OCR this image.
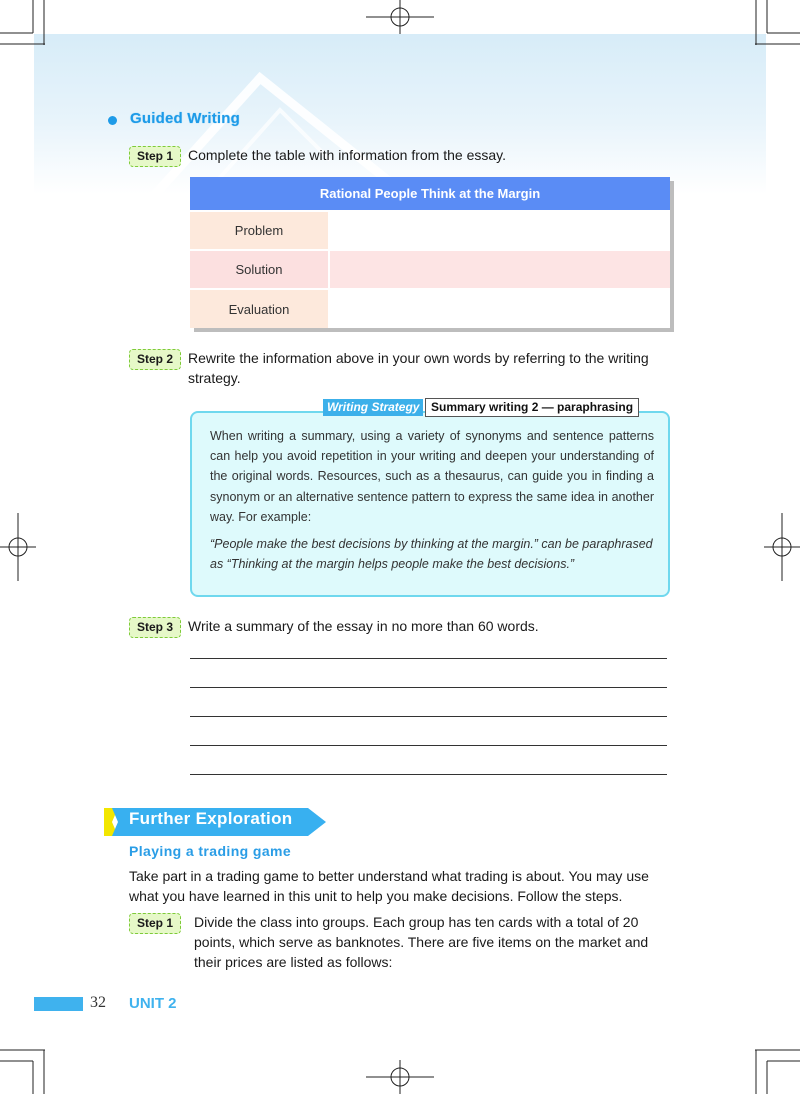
Guided Writing
Step 1	Complete the table with information from the essay.
Rational People Think at the Margin	
Problem	
Solution	
Evaluation	
Step 2	Rewrite the information above in your own words by referring to the writing strategy.
Writing Strategy Summary writing 2 — paraphrasing
When writing a summary, using a variety of synonyms and sentence patterns can help you avoid repetition in your writing and deepen your understanding of the original words. Resources, such as a thesaurus, can guide you in finding a synonym or an alternative sentence pattern to express the same idea in another way. For example:
“People make the best decisions by thinking at the margin.” can be paraphrased as “Thinking at the margin helps people make the best decisions.”
Step 3	Write a summary of the essay in no more than 60 words.
Further Exploration
Playing a trading game
Take part in a trading game to better understand what trading is about. You may use what you have learned in this unit to help you make decisions. Follow the steps.
Step 1	Divide the class into groups. Each group has ten cards with a total of 20 points, which serve as banknotes. There are five items on the market and their prices are listed as follows:
32 UNIT 2
